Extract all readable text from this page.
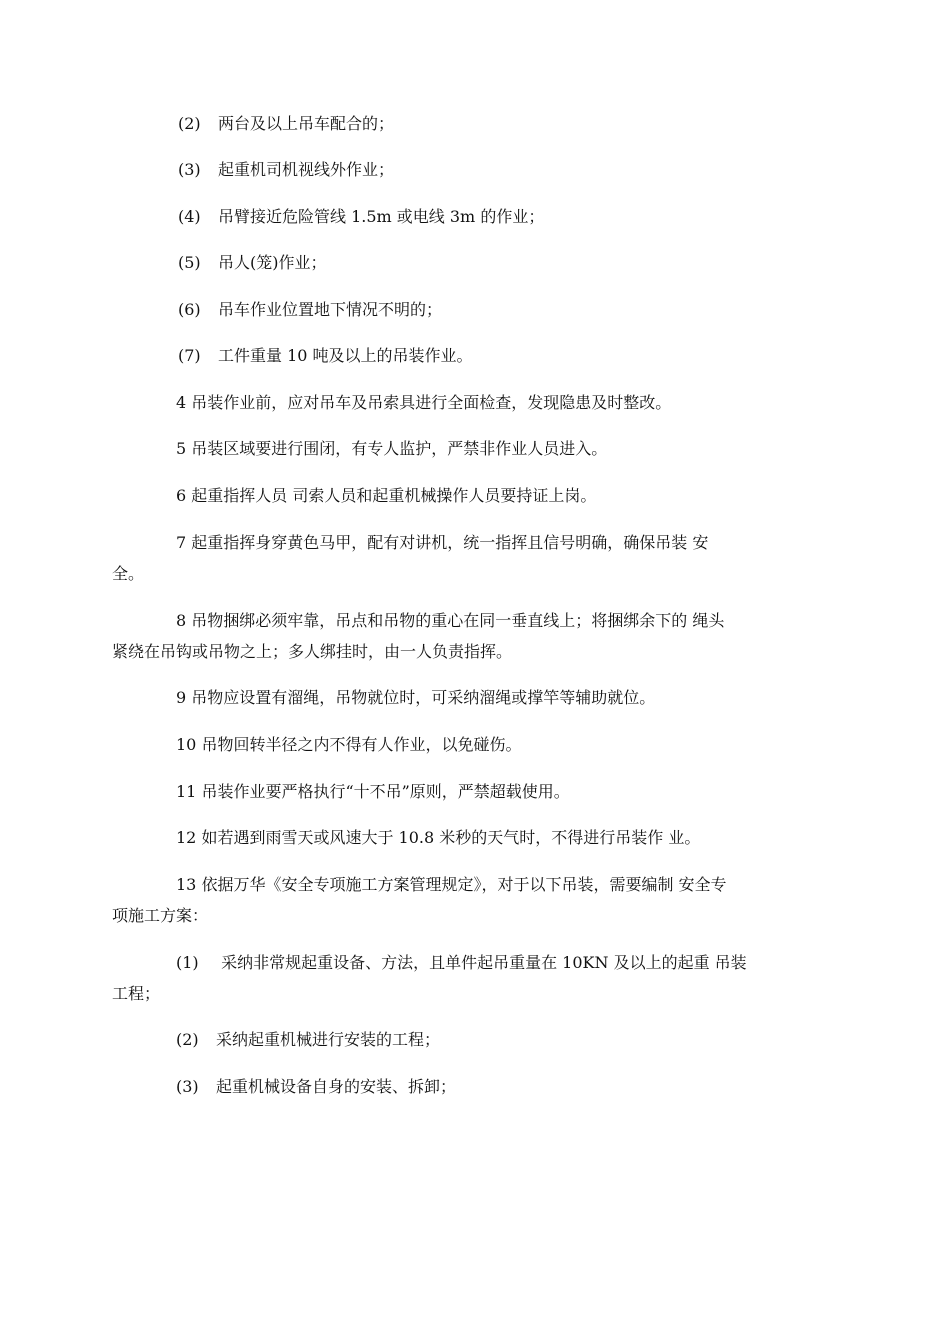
(2) 两台及以上吊车配合的；
(3) 起重机司机视线外作业；
(4) 吊臂接近危险管线 1.5m 或电线 3m 的作业；
(5) 吊人(笼)作业；
(6) 吊车作业位置地下情况不明的；
(7) 工件重量 10 吨及以上的吊装作业。
4 吊装作业前，应对吊车及吊索具进行全面检查，发现隐患及时整改。
5 吊装区域要进行围闭，有专人监护，严禁非作业人员进入。
6 起重指挥人员 司索人员和起重机械操作人员要持证上岗。
7 起重指挥身穿黄色马甲，配有对讲机，统一指挥且信号明确，确保吊装 安
全。
8 吊物捆绑必须牢靠，吊点和吊物的重心在同一垂直线上；将捆绑余下的 绳头
紧绕在吊钩或吊物之上；多人绑挂时，由一人负责指挥。
9 吊物应设置有溜绳，吊物就位时，可采纳溜绳或撑竿等辅助就位。
10 吊物回转半径之内不得有人作业，以免碰伤。
11 吊装作业要严格执行“十不吊”原则，严禁超载使用。
12 如若遇到雨雪天或风速大于 10.8 米秒的天气时，不得进行吊装作 业。
13 依据万华《安全专项施工方案管理规定》，对于以下吊装，需要编制 安全专
项施工方案：
(1) 采纳非常规起重设备、方法，且单件起吊重量在 10KN 及以上的起重 吊装
工程；
(2) 采纳起重机械进行安装的工程；
(3) 起重机械设备自身的安装、拆卸；
